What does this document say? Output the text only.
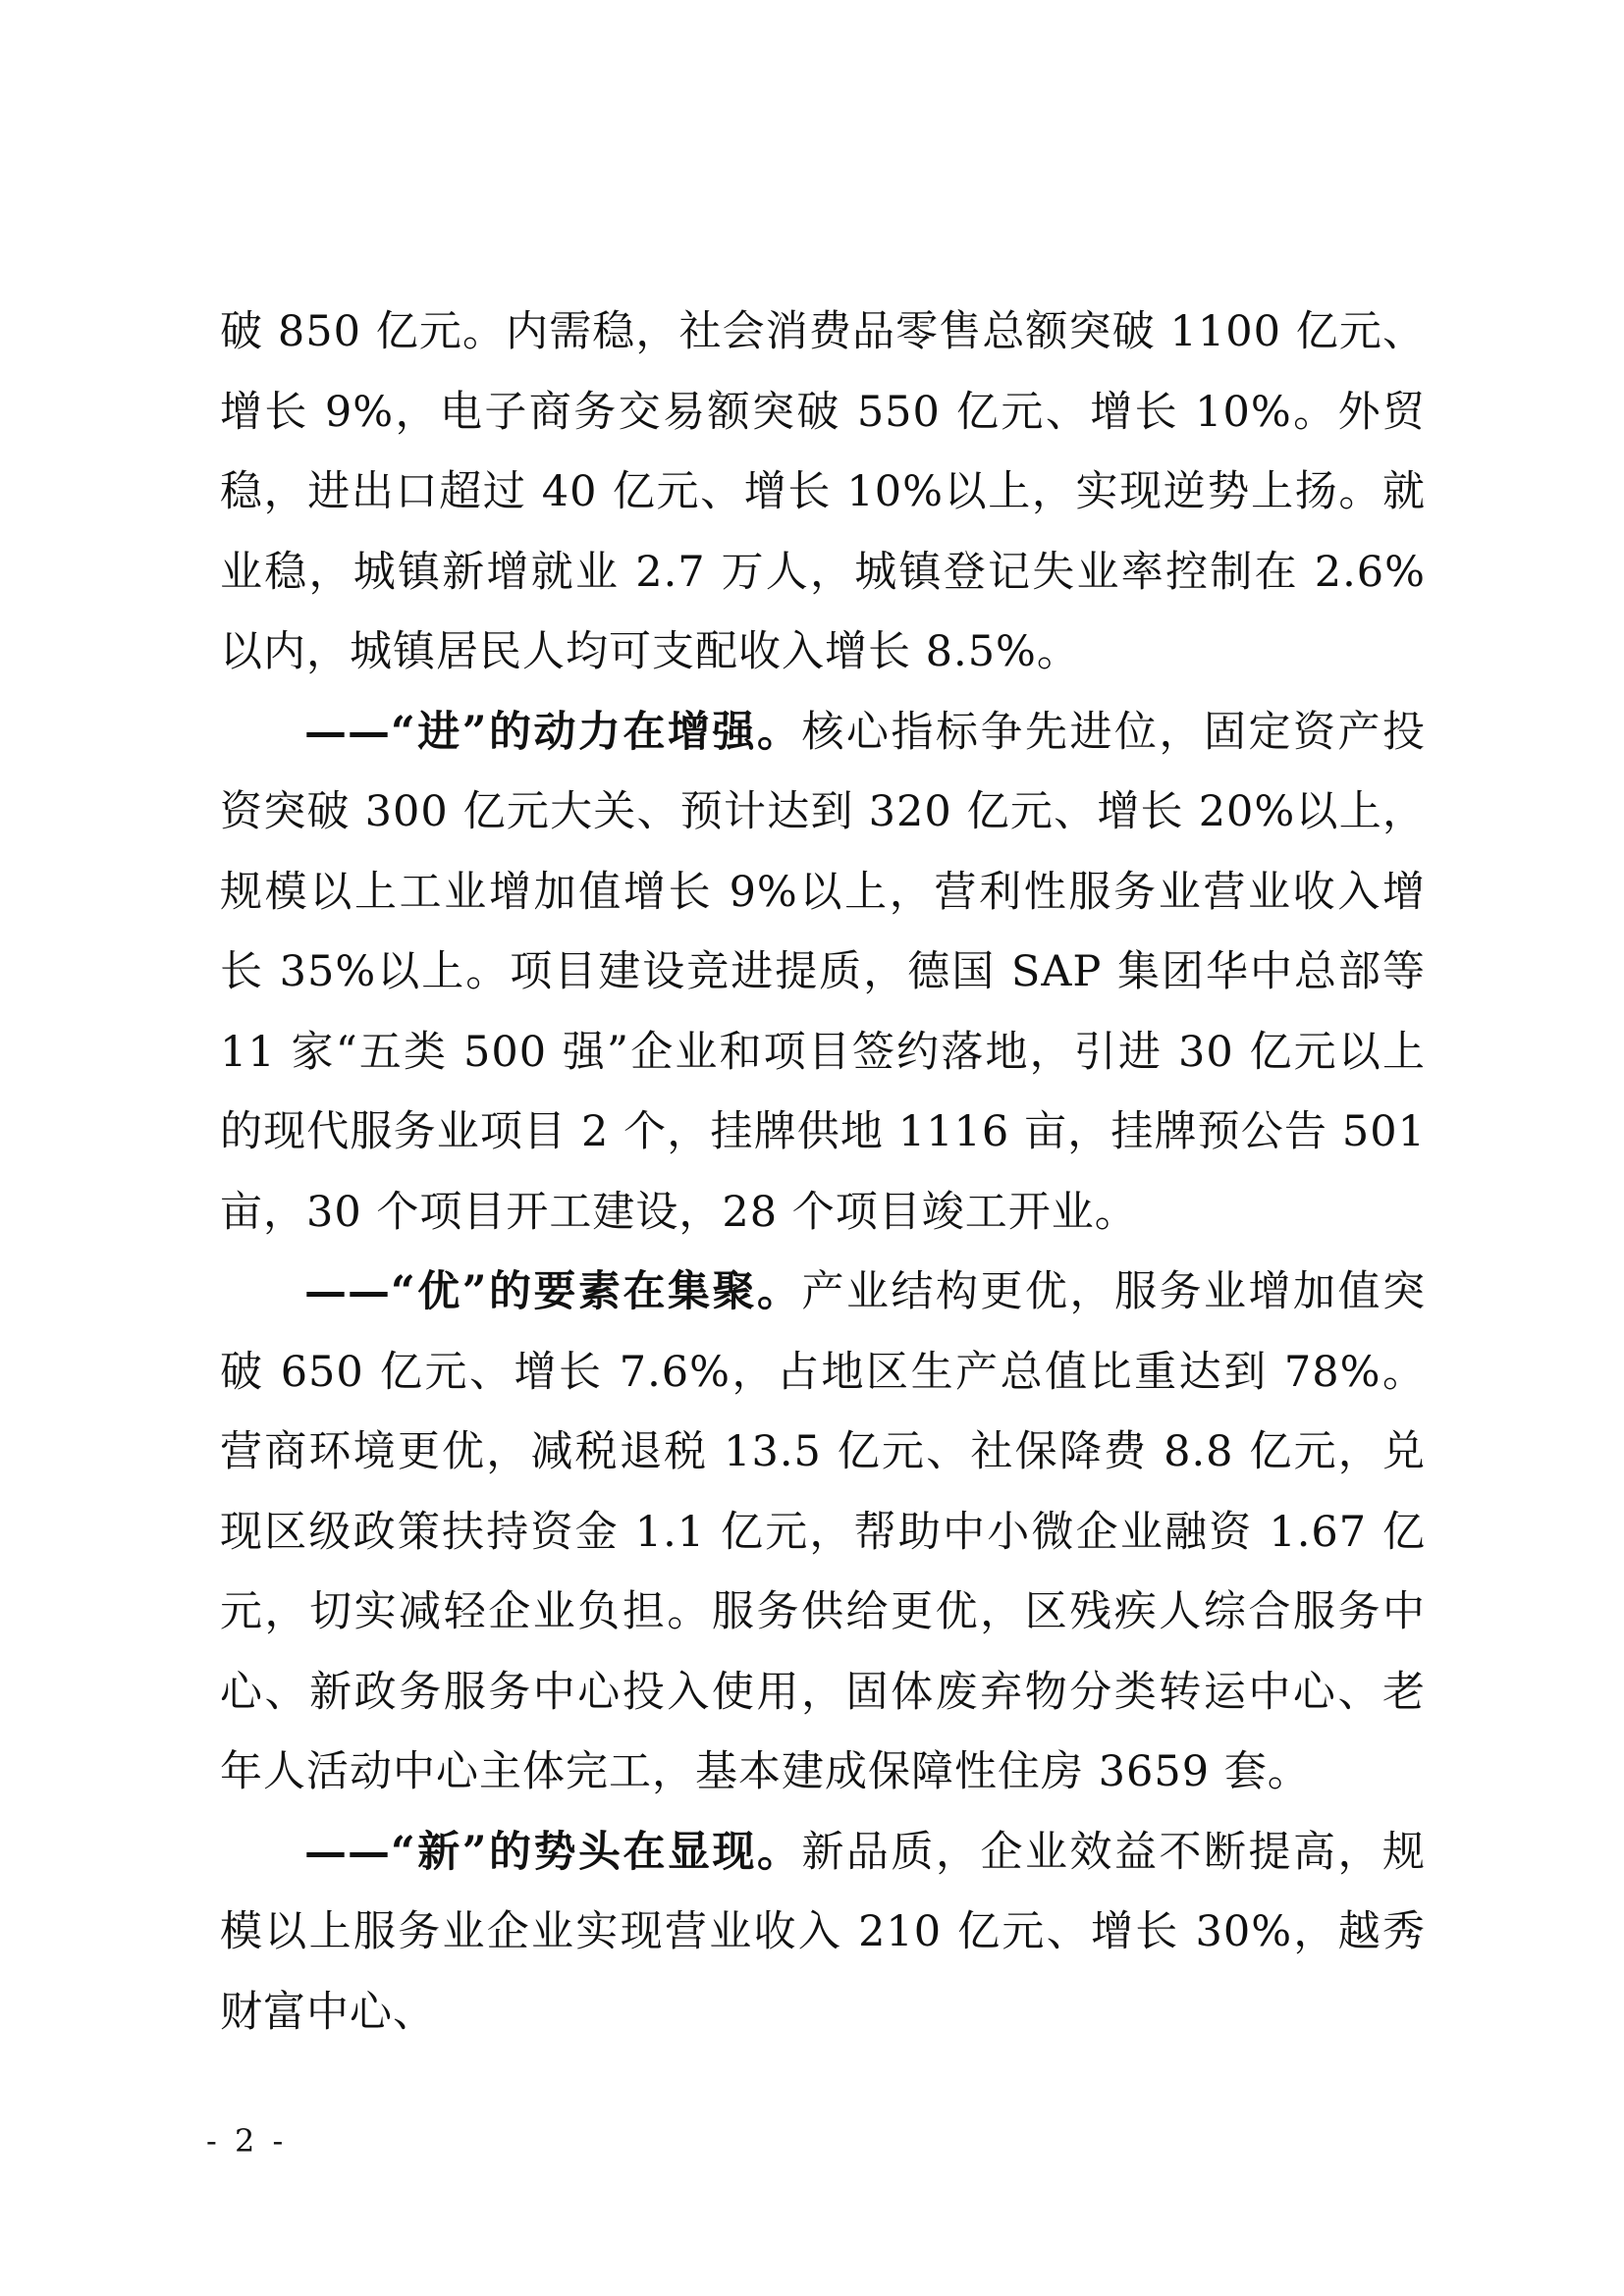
破 850 亿元。内需稳，社会消费品零售总额突破 1100 亿元、增长 9%，电子商务交易额突破 550 亿元、增长 10%。外贸稳，进出口超过 40 亿元、增长 10%以上，实现逆势上扬。就业稳，城镇新增就业 2.7 万人，城镇登记失业率控制在 2.6%以内，城镇居民人均可支配收入增长 8.5%。

——“进”的动力在增强。核心指标争先进位，固定资产投资突破 300 亿元大关、预计达到 320 亿元、增长 20%以上，规模以上工业增加值增长 9%以上，营利性服务业营业收入增长 35%以上。项目建设竞进提质，德国 SAP 集团华中总部等 11 家“五类 500 强”企业和项目签约落地，引进 30 亿元以上的现代服务业项目 2 个，挂牌供地 1116 亩，挂牌预公告 501 亩，30 个项目开工建设，28 个项目竣工开业。

——“优”的要素在集聚。产业结构更优，服务业增加值突破 650 亿元、增长 7.6%，占地区生产总值比重达到 78%。营商环境更优，减税退税 13.5 亿元、社保降费 8.8 亿元，兑现区级政策扶持资金 1.1 亿元，帮助中小微企业融资 1.67 亿元，切实减轻企业负担。服务供给更优，区残疾人综合服务中心、新政务服务中心投入使用，固体废弃物分类转运中心、老年人活动中心主体完工，基本建成保障性住房 3659 套。

——“新”的势头在显现。新品质，企业效益不断提高，规模以上服务业企业实现营业收入 210 亿元、增长 30%，越秀财富中心、

- 2 -
